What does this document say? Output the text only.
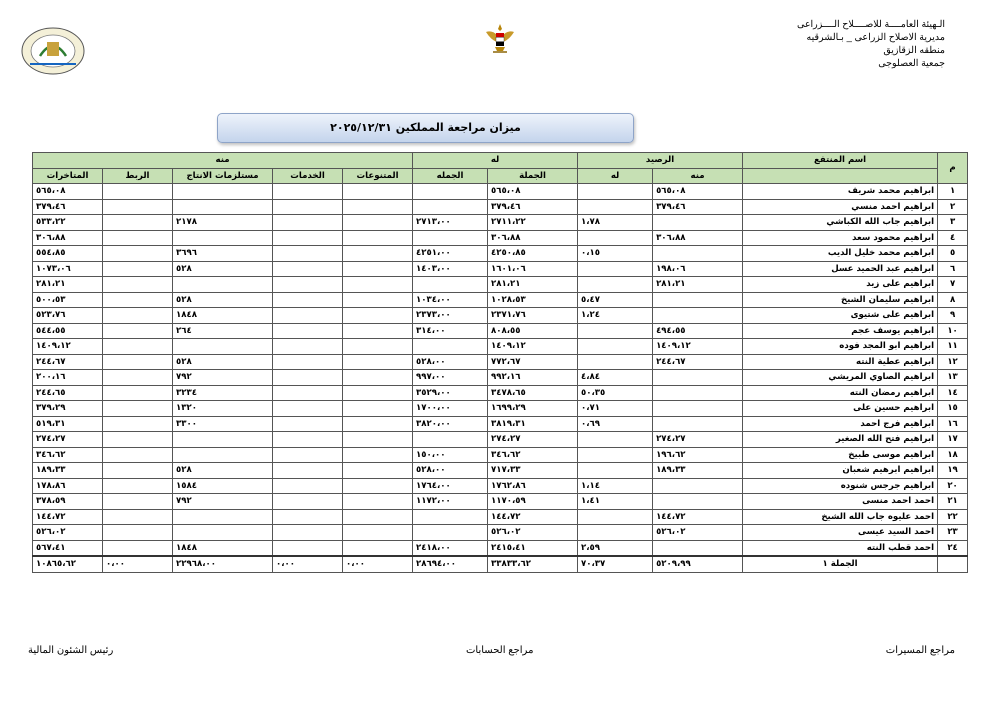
الـهيئة العامــــة للاصــــلاح الــــزراعى
مديرية الاصلاح الزراعى _ بـالشرقيه
منطقه الزقازيق
جمعية العصلوجى
ميزان مراجعة المملكين ٢٠٢٥/١٢/٣١
م	اسم المنتفع	الرصيد		له		منه				
		منه	له	الجملة	الجمله	المتنوعات	الخدمات	مستلزمات الانتاج	الربط	المتاخرات
١	ابراهيم محمد شريف	٥٦٥،٠٨		٥٦٥،٠٨						٥٦٥،٠٨
٢	ابراهيم احمد منسي	٣٧٩،٤٦		٣٧٩،٤٦						٣٧٩،٤٦
٣	ابراهيم جاب الله الكباشي		١،٧٨	٢٧١١،٢٢	٢٧١٣،٠٠			٢١٧٨		٥٣٣،٢٢
٤	ابراهيم محمود سعد	٣٠٦،٨٨		٣٠٦،٨٨						٣٠٦،٨٨
٥	ابراهيم محمد خليل الديب		٠،١٥	٤٢٥٠،٨٥	٤٢٥١،٠٠			٣٦٩٦		٥٥٤،٨٥
٦	ابراهيم عبد الحميد عسل	١٩٨،٠٦		١٦٠١،٠٦	١٤٠٣،٠٠			٥٢٨		١٠٧٣،٠٦
٧	ابراهيم على زيد	٢٨١،٢١		٢٨١،٢١						٢٨١،٢١
٨	ابراهيم سليمان الشيخ		٥،٤٧	١٠٢٨،٥٣	١٠٣٤،٠٠			٥٢٨		٥٠٠،٥٣
٩	ابراهيم على شتيوى		١،٢٤	٢٣٧١،٧٦	٢٣٧٣،٠٠			١٨٤٨		٥٢٣،٧٦
١٠	ابراهيم يوسف عجم	٤٩٤،٥٥		٨٠٨،٥٥	٣١٤،٠٠			٢٦٤		٥٤٤،٥٥
١١	ابراهيم ابو المجد فوده	١٤٠٩،١٢		١٤٠٩،١٢						١٤٠٩،١٢
١٢	ابراهيم عطية النته	٢٤٤،٦٧		٧٧٢،٦٧	٥٢٨،٠٠			٥٢٨		٢٤٤،٦٧
١٣	ابراهيم الصاوي المريشي		٤،٨٤	٩٩٢،١٦	٩٩٧،٠٠			٧٩٢		٢٠٠،١٦
١٤	ابراهيم رمضان النته		٥٠،٣٥	٣٤٧٨،٦٥	٣٥٢٩،٠٠			٣٢٣٤		٢٤٤،٦٥
١٥	ابراهيم حسين على		٠،٧١	١٦٩٩،٢٩	١٧٠٠،٠٠			١٣٢٠		٣٧٩،٢٩
١٦	ابراهيم فرج احمد		٠،٦٩	٣٨١٩،٣١	٣٨٢٠،٠٠			٣٣٠٠		٥١٩،٣١
١٧	ابراهيم فتح الله الصغير	٢٧٤،٢٧		٢٧٤،٢٧						٢٧٤،٢٧
١٨	ابراهيم موسى طبيخ	١٩٦،٦٢		٣٤٦،٦٢	١٥٠،٠٠					٣٤٦،٦٢
١٩	ابراهيم ابرهيم شعبان	١٨٩،٣٣		٧١٧،٣٣	٥٢٨،٠٠			٥٢٨		١٨٩،٣٣
٢٠	ابراهيم جرجس شنوده		١،١٤	١٧٦٢،٨٦	١٧٦٤،٠٠			١٥٨٤		١٧٨،٨٦
٢١	احمد احمد منسى		١،٤١	١١٧٠،٥٩	١١٧٢،٠٠			٧٩٢		٣٧٨،٥٩
٢٢	احمد عليوه جاب الله الشيخ	١٤٤،٧٢		١٤٤،٧٢						١٤٤،٧٢
٢٣	احمد السيد عيسى	٥٢٦،٠٢		٥٢٦،٠٢						٥٢٦،٠٢
٢٤	احمد قطب النته		٢،٥٩	٢٤١٥،٤١	٢٤١٨،٠٠			١٨٤٨		٥٦٧،٤١
	الجملة ١	٥٢٠٩،٩٩	٧٠،٣٧	٣٣٨٣٣،٦٢	٢٨٦٩٤،٠٠	٠،٠٠	٠،٠٠	٢٢٩٦٨،٠٠	٠،٠٠	١٠٨٦٥،٦٢
رئيس الشئون المالية	مراجع الحسابات	مراجع المسيرات
